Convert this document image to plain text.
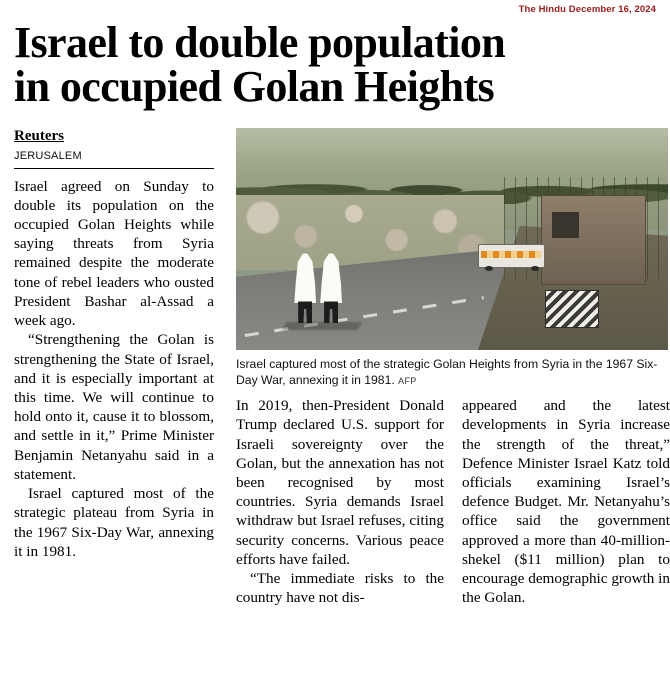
The Hindu December 16, 2024
Israel to double population
in occupied Golan Heights
Reuters
JERUSALEM

Israel agreed on Sunday to double its population on the occupied Golan Heights while saying threats from Syria remained despite the moderate tone of rebel leaders who ousted President Bashar al-Assad a week ago.

“Strengthening the Golan is strengthening the State of Israel, and it is especially important at this time. We will continue to hold onto it, cause it to blossom, and settle in it,” Prime Minister Benjamin Netanyahu said in a statement.

Israel captured most of the strategic plateau from Syria in the 1967 Six-Day War, annexing it in 1981.

Israel captured most of the strategic Golan Heights from Syria in the 1967 Six-Day War, annexing it in 1981. AFP

In 2019, then-President Donald Trump declared U.S. support for Israeli sovereignty over the Golan, but the annexation has not been recognised by most countries. Syria demands Israel withdraw but Israel refuses, citing security concerns. Various peace efforts have failed.

“The immediate risks to the country have not dis-

appeared and the latest developments in Syria increase the strength of the threat,” Defence Minister Israel Katz told officials examining Israel’s defence Budget. Mr. Netanyahu’s office said the government approved a more than 40-million-shekel ($11 million) plan to encourage demographic growth in the Golan.
